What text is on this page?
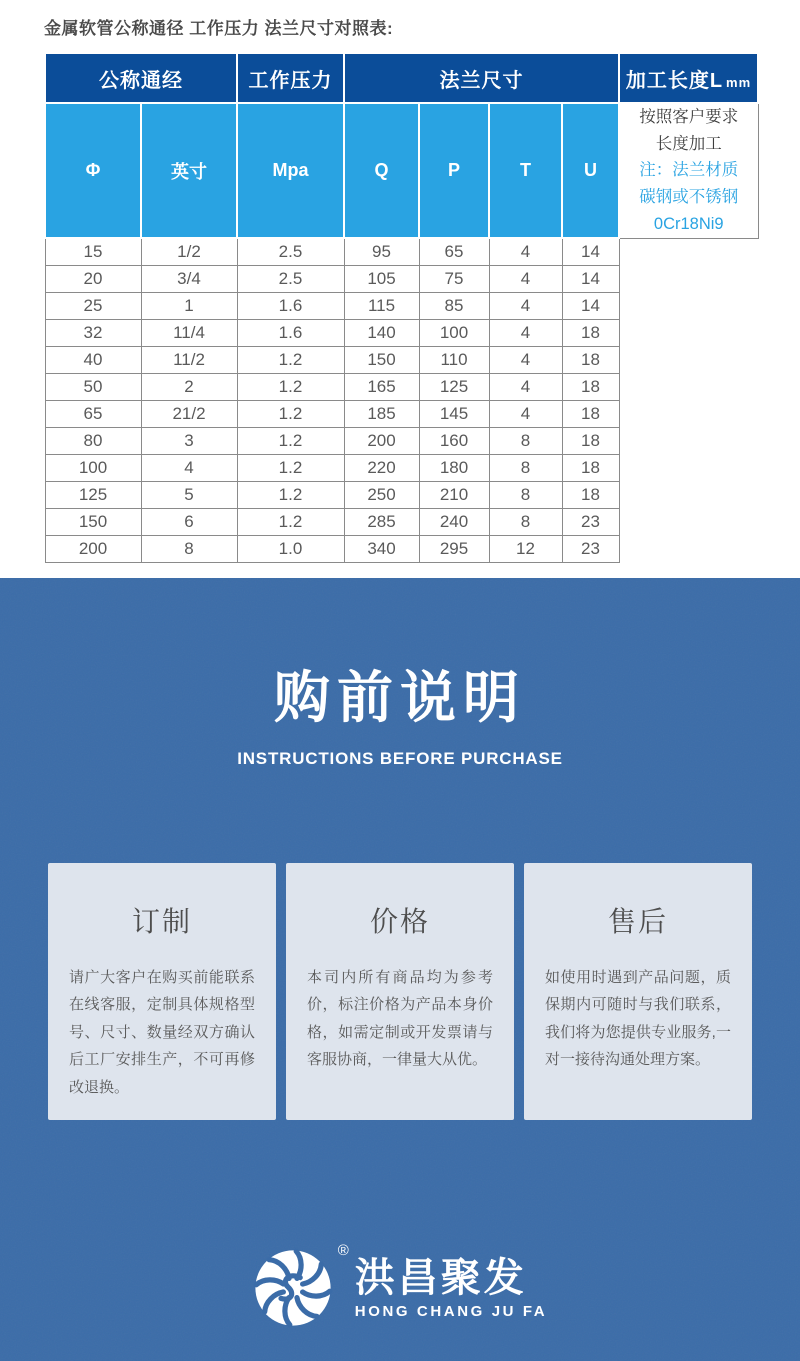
金属软管公称通径 工作压力 法兰尺寸对照表:
公称通经		工作压力	法兰尺寸				加工长度L mm
Φ	英寸	Mpa	Q	P	T	U	按照客户要求
长度加工
注：法兰材质
碳钢或不锈钢
0Cr18Ni9

15	1/2	2.5	95	65	4	14	
20	3/4	2.5	105	75	4	14	
25	1	1.6	115	85	4	14	
32	11/4	1.6	140	100	4	18	
40	11/2	1.2	150	110	4	18	
50	2	1.2	165	125	4	18	
65	21/2	1.2	185	145	4	18	
80	3	1.2	200	160	8	18	
100	4	1.2	220	180	8	18	
125	5	1.2	250	210	8	18	
150	6	1.2	285	240	8	23	
200	8	1.0	340	295	12	23	
购前说明
INSTRUCTIONS BEFORE PURCHASE
订制

请广大客户在购买前能联系在线客服，定制具体规格型号、尺寸、数量经双方确认后工厂安排生产，不可再修改退换。

价格

本司内所有商品均为参考价，标注价格为产品本身价格，如需定制或开发票请与客服协商，一律量大从优。

售后

如使用时遇到产品问题，质保期内可随时与我们联系，我们将为您提供专业服务,一对一接待沟通处理方案。

®
洪昌聚发
HONG CHANG JU FA
